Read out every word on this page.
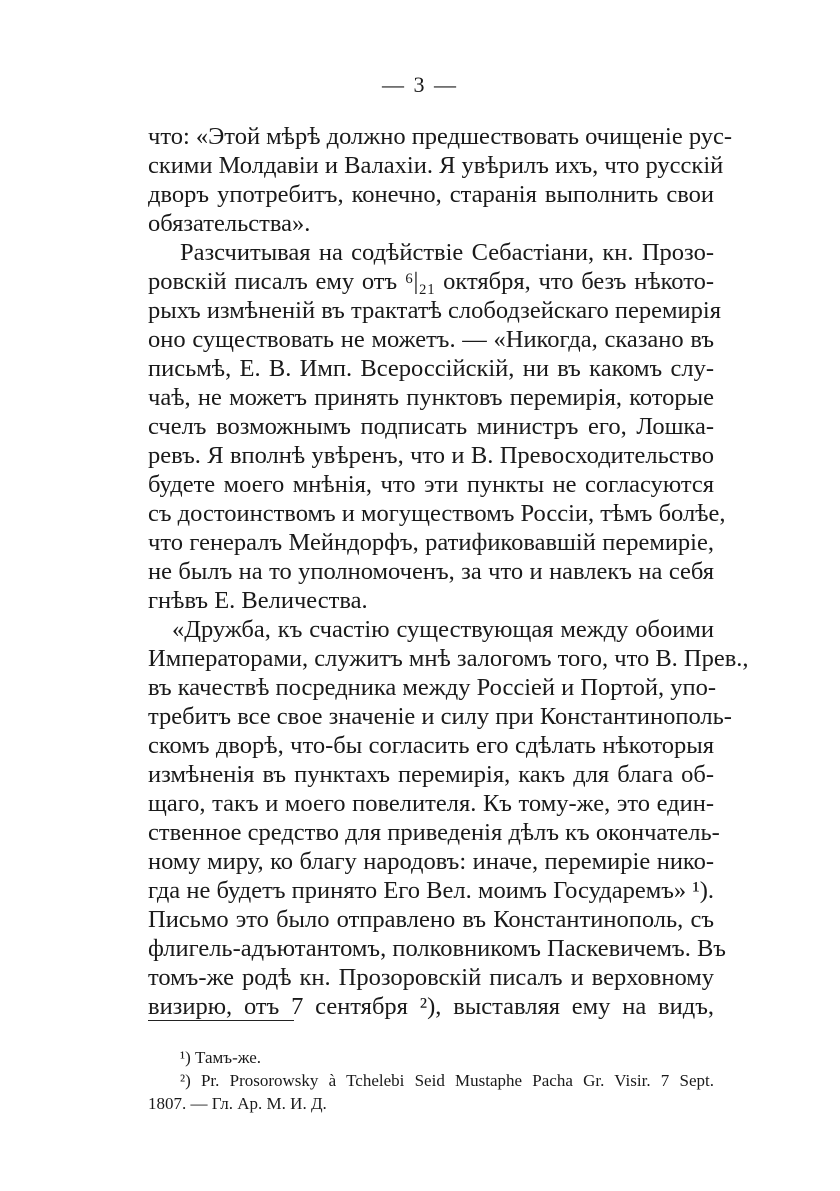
— 3 —
что: «Этой мѣрѣ должно предшествовать очищеніе рус-
скими Молдавіи и Валахіи. Я увѣрилъ ихъ, что русскій
дворъ употребитъ, конечно, старанія выполнить свои
обязательства».
Разсчитывая на содѣйствіе Себастіани, кн. Прозо-
ровскій писалъ ему отъ ⁶|₂₁ октября, что безъ нѣкото-
рыхъ измѣненій въ трактатѣ слободзейскаго перемирія
оно существовать не можетъ. — «Никогда, сказано въ
письмѣ, Е. В. Имп. Всероссійскій, ни въ какомъ слу-
чаѣ, не можетъ принять пунктовъ перемирія, которые
счелъ возможнымъ подписать министръ его, Лошка-
ревъ. Я вполнѣ увѣренъ, что и В. Превосходительство
будете моего мнѣнія, что эти пункты не согласуются
съ достоинствомъ и могуществомъ Россіи, тѣмъ болѣе,
что генералъ Мейндорфъ, ратификовавшій перемиріе,
не былъ на то уполномоченъ, за что и навлекъ на себя
гнѣвъ Е. Величества.
«Дружба, къ счастію существующая между обоими
Императорами, служитъ мнѣ залогомъ того, что В. Прев.,
въ качествѣ посредника между Россіей и Портой, упо-
требитъ все свое значеніе и силу при Константинополь-
скомъ дворѣ, что-бы согласить его сдѣлать нѣкоторыя
измѣненія въ пунктахъ перемирія, какъ для блага об-
щаго, такъ и моего повелителя. Къ тому-же, это един-
ственное средство для приведенія дѣлъ къ окончатель-
ному миру, ко благу народовъ: иначе, перемиріе нико-
гда не будетъ принято Его Вел. моимъ Государемъ» ¹).
Письмо это было отправлено въ Константинополь, съ
флигель-адъютантомъ, полковникомъ Паскевичемъ. Въ
томъ-же родѣ кн. Прозоровскій писалъ и верховному
визирю, отъ 7 сентября ²), выставляя ему на видъ,
¹) Тамъ-же.
²) Pr. Prosorowsky à Tchelebi Seid Mustaphe Pacha Gr. Visir. 7 Sept.
1807. — Гл. Ар. М. И. Д.
